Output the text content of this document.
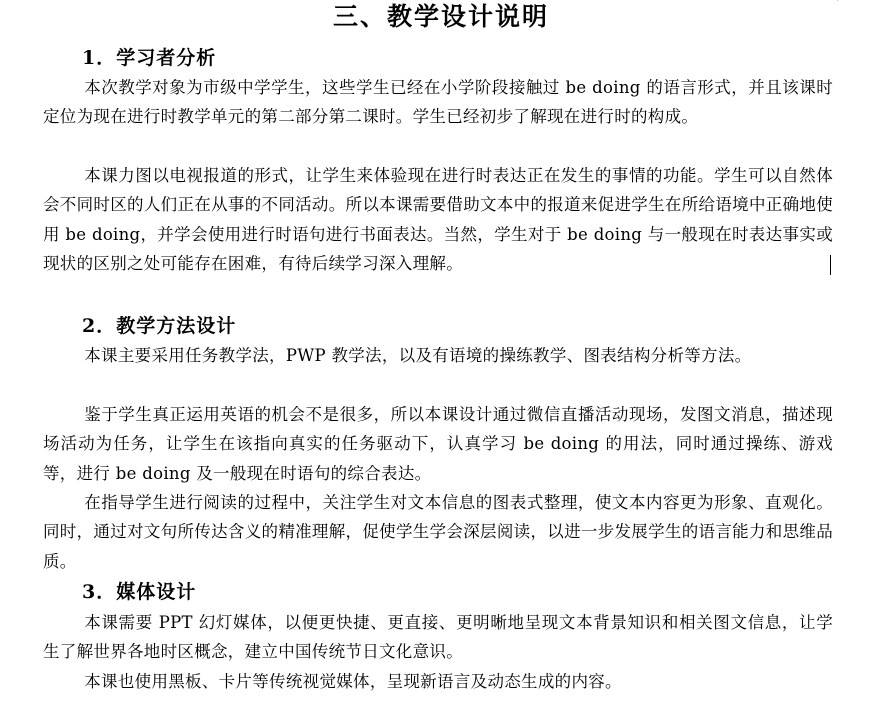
`
三、教学设计说明
1．学习者分析
本次教学对象为市级中学学生，这些学生已经在小学阶段接触过 be doing 的语言形式，并且该课时定位为现在进行时教学单元的第二部分第二课时。学生已经初步了解现在进行时的构成。
本课力图以电视报道的形式，让学生来体验现在进行时表达正在发生的事情的功能。学生可以自然体会不同时区的人们正在从事的不同活动。所以本课需要借助文本中的报道来促进学生在所给语境中正确地使用 be doing，并学会使用进行时语句进行书面表达。当然，学生对于 be doing 与一般现在时表达事实或现状的区别之处可能存在困难，有待后续学习深入理解。
2．教学方法设计
本课主要采用任务教学法，PWP 教学法，以及有语境的操练教学、图表结构分析等方法。
鉴于学生真正运用英语的机会不是很多，所以本课设计通过微信直播活动现场，发图文消息，描述现场活动为任务，让学生在该指向真实的任务驱动下，认真学习 be doing 的用法，同时通过操练、游戏等，进行 be doing 及一般现在时语句的综合表达。
在指导学生进行阅读的过程中，关注学生对文本信息的图表式整理，使文本内容更为形象、直观化。同时，通过对文句所传达含义的精准理解，促使学生学会深层阅读，以进一步发展学生的语言能力和思维品质。
3．媒体设计
本课需要 PPT 幻灯媒体，以便更快捷、更直接、更明晰地呈现文本背景知识和相关图文信息，让学生了解世界各地时区概念，建立中国传统节日文化意识。
本课也使用黑板、卡片等传统视觉媒体，呈现新语言及动态生成的内容。
